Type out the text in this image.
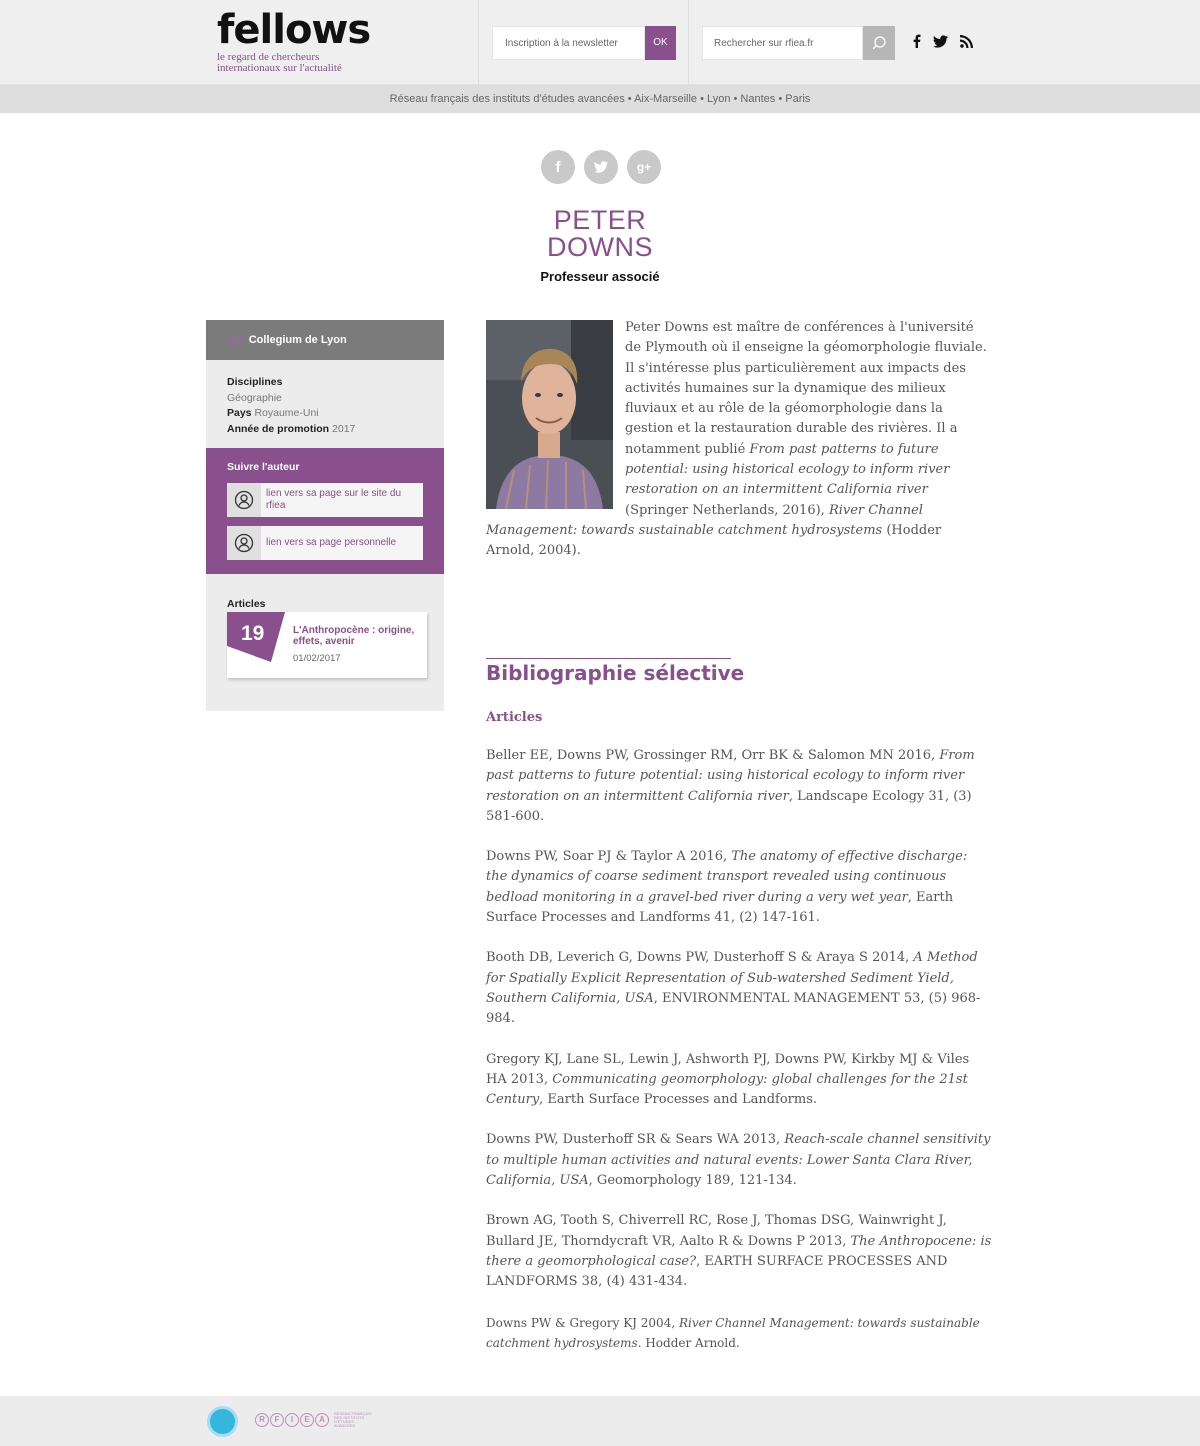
fellows
le regard de chercheurs
internationaux sur l'actualité
Inscription à la newsletter	OK	Rechercher sur rfiea.fr
Réseau français des instituts d'études avancées • Aix-Marseille • Lyon • Nantes • Paris
f	g+
PETER
DOWNS
Professeur associé
IEA Collegium de Lyon
Disciplines
Géographie
Pays Royaume-Uni
Année de promotion 2017
Suivre l'auteur
lien vers sa page sur le site du rfiea
lien vers sa page personnelle
Articles
19	L'Anthropocène : origine, effets, avenir
01/02/2017
Peter Downs est maître de conférences à l'université de Plymouth où il enseigne la géomorphologie fluviale. Il s'intéresse plus particulièrement aux impacts des activités humaines sur la dynamique des milieux fluviaux et au rôle de la géomorphologie dans la gestion et la restauration durable des rivières. Il a notamment publié From past patterns to future potential: using historical ecology to inform river restoration on an intermittent California river (Springer Netherlands, 2016), River Channel Management: towards sustainable catchment hydrosystems (Hodder Arnold, 2004).
Bibliographie sélective
Articles

Beller EE, Downs PW, Grossinger RM, Orr BK & Salomon MN 2016, From past patterns to future potential: using historical ecology to inform river restoration on an intermittent California river, Landscape Ecology 31, (3) 581-600.

Downs PW, Soar PJ & Taylor A 2016, The anatomy of effective discharge: the dynamics of coarse sediment transport revealed using continuous bedload monitoring in a gravel-bed river during a very wet year, Earth Surface Processes and Landforms 41, (2) 147-161.

Booth DB, Leverich G, Downs PW, Dusterhoff S & Araya S 2014, A Method for Spatially Explicit Representation of Sub-watershed Sediment Yield, Southern California, USA, ENVIRONMENTAL MANAGEMENT 53, (5) 968-984.

Gregory KJ, Lane SL, Lewin J, Ashworth PJ, Downs PW, Kirkby MJ & Viles HA 2013, Communicating geomorphology: global challenges for the 21st Century, Earth Surface Processes and Landforms.

Downs PW, Dusterhoff SR & Sears WA 2013, Reach-scale channel sensitivity to multiple human activities and natural events: Lower Santa Clara River, California, USA, Geomorphology 189, 121-134.

Brown AG, Tooth S, Chiverrell RC, Rose J, Thomas DSG, Wainwright J, Bullard JE, Thorndycraft VR, Aalto R & Downs P 2013, The Anthropocene: is there a geomorphological case?, EARTH SURFACE PROCESSES AND LANDFORMS 38, (4) 431-434.

Downs PW & Gregory KJ 2004, River Channel Management: towards sustainable catchment hydrosystems. Hodder Arnold.

R	F	I	E	A
RÉSEAU FRANÇAIS DES INSTITUTS D'ÉTUDES AVANCÉES
